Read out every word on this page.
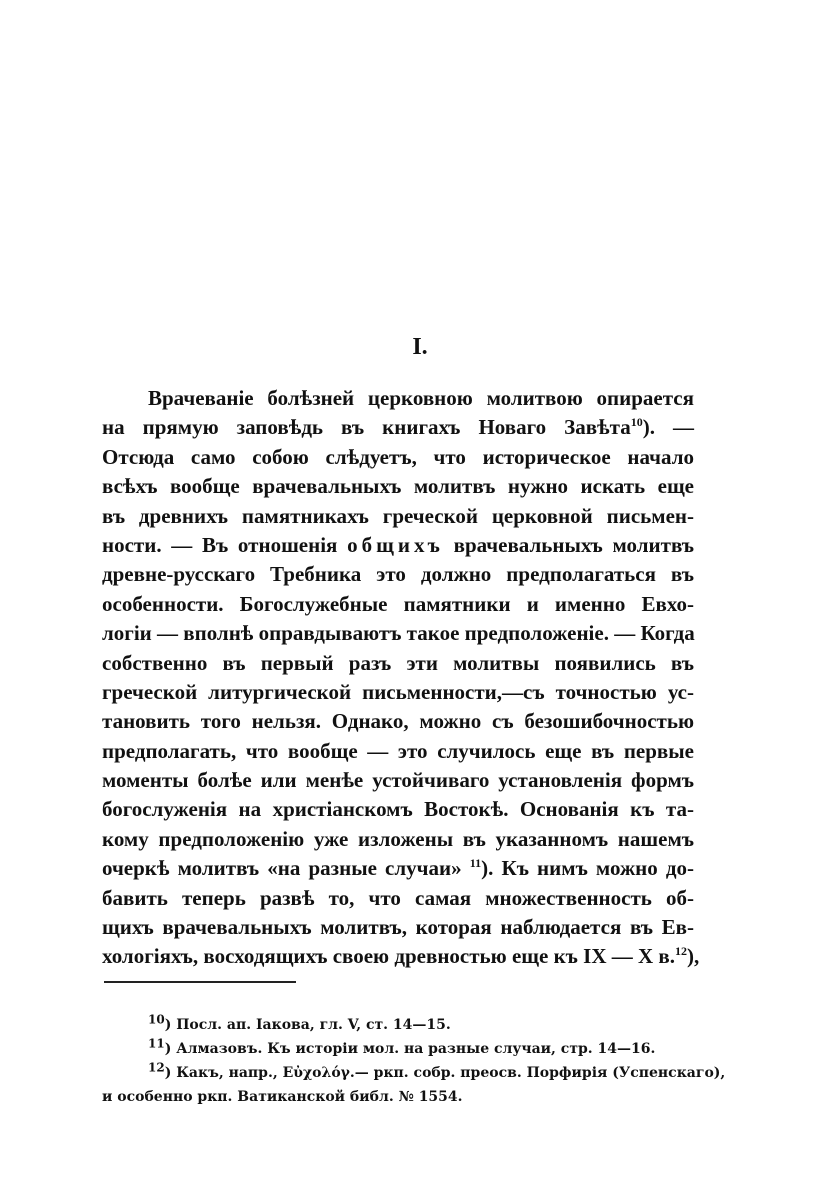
I.
Врачеваніе болѣзней церковною молитвою опирается
на прямую заповѣдь въ книгахъ Новаго Завѣта$^{10}$). —
Отсюда само собою слѣдуетъ, что историческое начало
всѣхъ вообще врачевальныхъ молитвъ нужно искать еще
въ древнихъ памятникахъ греческой церковной письмен-
ности. — Въ отношенія общихъ врачевальныхъ молитвъ
древне-русскаго Требника это должно предполагаться въ
особенности. Богослужебные памятники и именно Евхо-
логіи — вполнѣ оправдываютъ такое предположеніе. — Когда
собственно въ первый разъ эти молитвы появились въ
греческой литургической письменности,—съ точностью ус-
тановить того нельзя. Однако, можно съ безошибочностью
предполагать, что вообще — это случилось еще въ первые
моменты болѣе или менѣе устойчиваго установленія формъ
богослуженія на христіанскомъ Востокѣ. Основанія къ та-
кому предположенію уже изложены въ указанномъ нашемъ
очеркѣ молитвъ «на разные случаи» $^{11}$). Къ нимъ можно до-
бавить теперь развѣ то, что самая множественность об-
щихъ врачевальныхъ молитвъ, которая наблюдается въ Ев-
хологіяхъ, восходящихъ своею древностью еще къ IX — X в.$^{12}$),
10) Посл. ап. Іакова, гл. V, ст. 14—15.
11) Алмазовъ. Къ исторіи мол. на разные случаи, стр. 14—16.
12) Какъ, напр., Εὐχολόγ.— ркп. собр. преосв. Порфирія (Успенскаго),
и особенно ркп. Ватиканской библ. № 1554.
